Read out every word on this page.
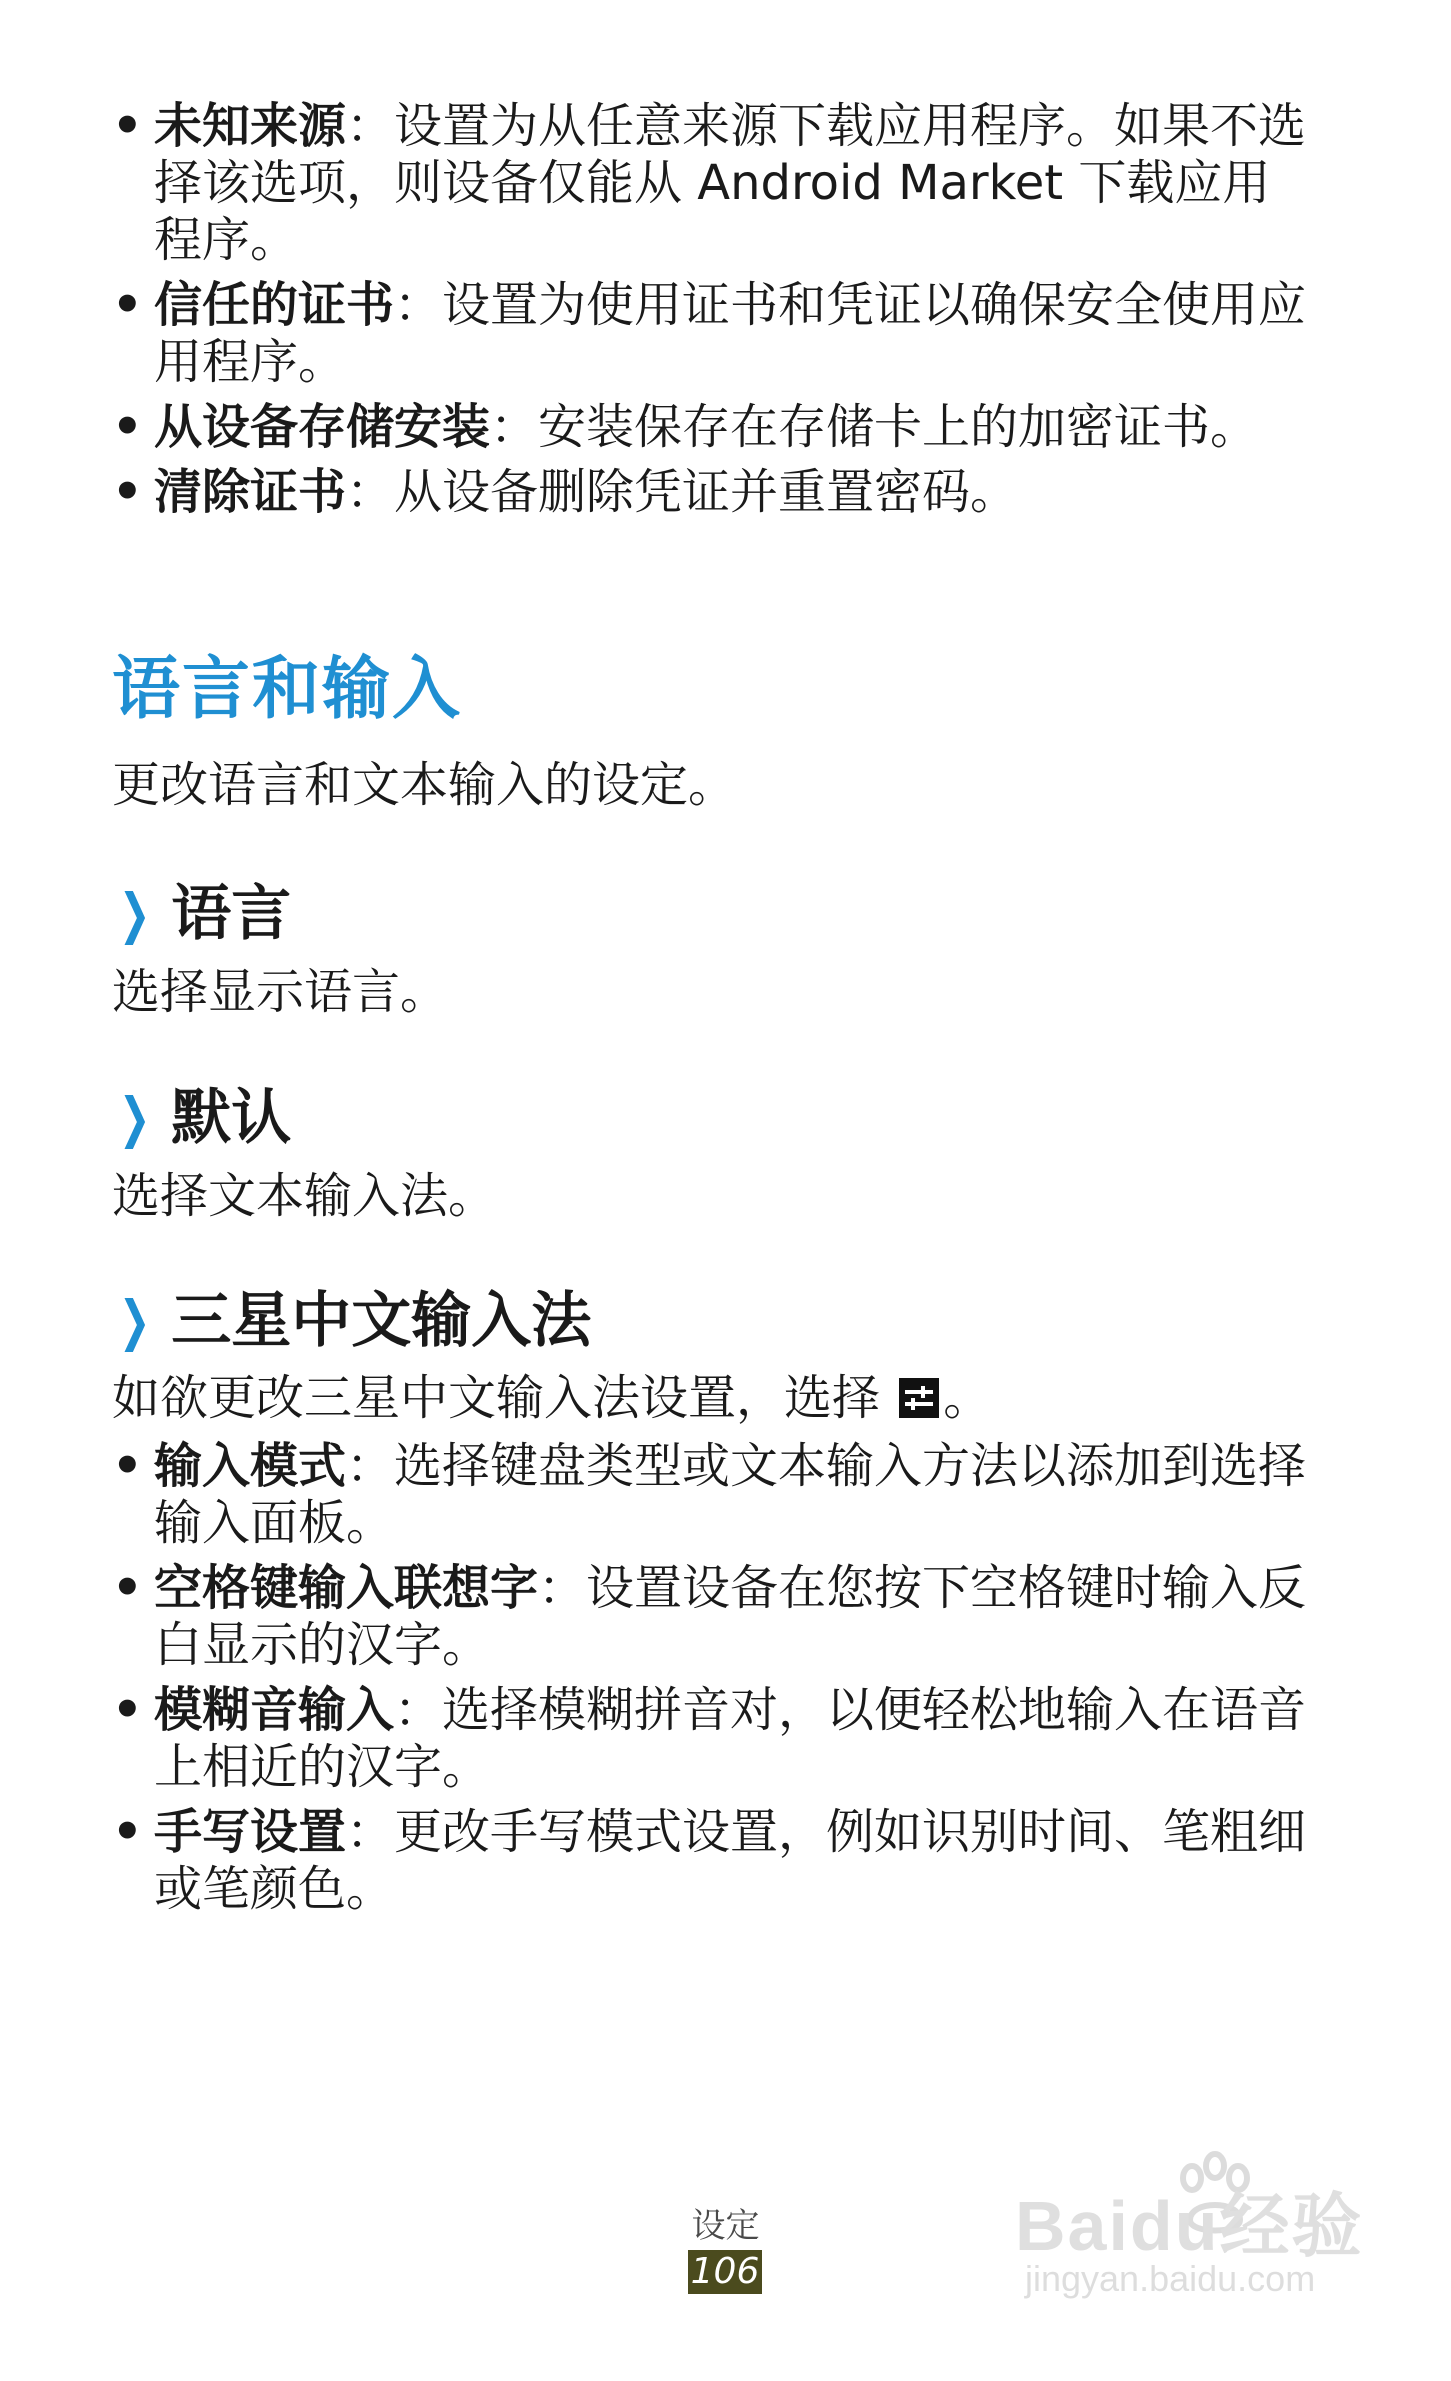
• 未知来源：设置为从任意来源下载应用程序。如果不选择该选项，则设备仅能从 Android Market 下载应用程序。
• 信任的证书：设置为使用证书和凭证以确保安全使用应用程序。
• 从设备存储安装：安装保存在存储卡上的加密证书。
• 清除证书：从设备删除凭证并重置密码。
语言和输入

更改语言和文本输入的设定。

❯ 语言

选择显示语言。

❯ 默认

选择文本输入法。

❯ 三星中文输入法

如欲更改三星中文输入法设置，选择
。

• 输入模式：选择键盘类型或文本输入方法以添加到选择输入面板。
• 空格键输入联想字：设置设备在您按下空格键时输入反白显示的汉字。
• 模糊音输入：选择模糊拼音对，以便轻松地输入在语音上相近的汉字。
• 手写设置：更改手写模式设置，例如识别时间、笔粗细或笔颜色。
设定
106
Baidu经验
jingyan.baidu.com
